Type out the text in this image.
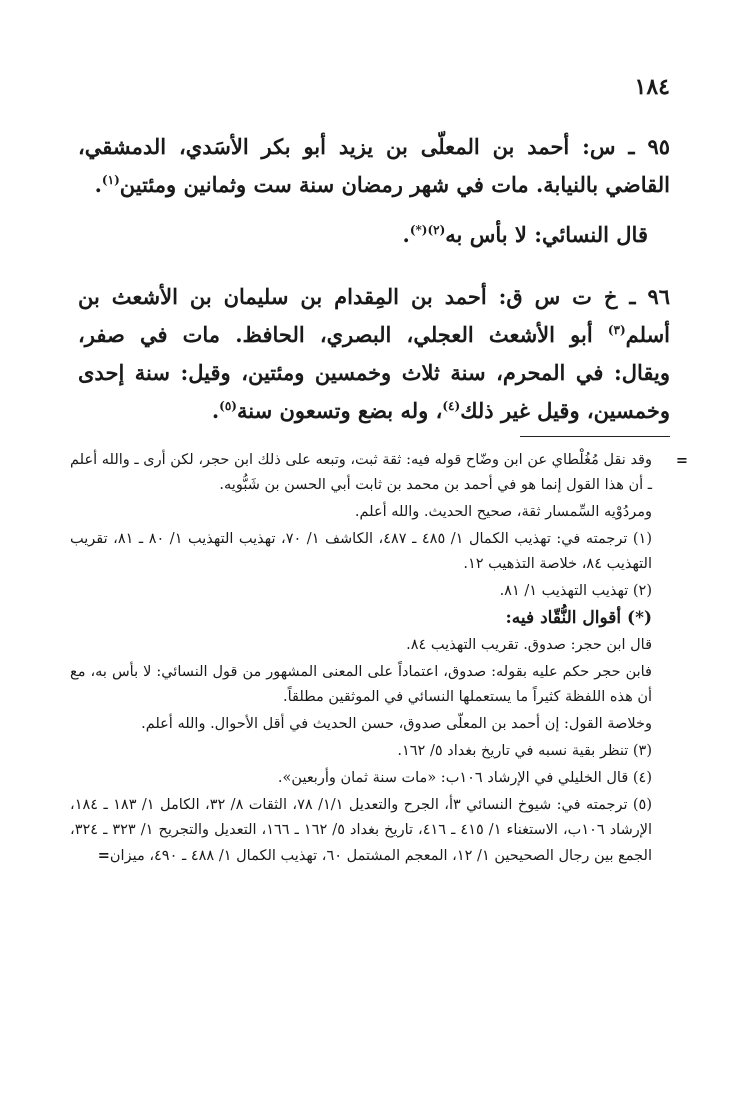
١٨٤

٩٥ ـ س: أحمد بن المعلّى بن يزيد أبو بكر الأسَدي، الدمشقي، القاضي بالنيابة. مات في شهر رمضان سنة ست وثمانين ومئتين$^{(١)}$.

قال النسائي: لا بأس به$^{(٢)(*)}$.

٩٦ ـ خ ت س ق: أحمد بن المِقدام بن سليمان بن الأشعث بن أسلم$^{(٣)}$ أبو الأشعث العجلي، البصري، الحافظ. مات في صفر، ويقال: في المحرم، سنة ثلاث وخمسين ومئتين، وقيل: سنة إحدى وخمسين، وقيل غير ذلك$^{(٤)}$، وله بضع وتسعون سنة$^{(٥)}$.

=
وقد نقل مُغُلْطاي عن ابن وضّاح قوله فيه: ثقة ثبت، وتبعه على ذلك ابن حجر، لكن أرى ـ والله أعلم ـ أن هذا القول إنما هو في أحمد بن محمد بن ثابت أبي الحسن بن شَبُّويه.

ومردُوْيه السِّمسار ثقة، صحيح الحديث. والله أعلم.

(١) ترجمته في: تهذيب الكمال ١/ ٤٨٥ ـ ٤٨٧، الكاشف ١/ ٧٠، تهذيب التهذيب ١/ ٨٠ ـ ٨١، تقريب التهذيب ٨٤، خلاصة التذهيب ١٢.

(٢) تهذيب التهذيب ١/ ٨١.

(*) أقوال النُّقّاد فيه:

قال ابن حجر: صدوق. تقريب التهذيب ٨٤.

فابن حجر حكم عليه بقوله: صدوق، اعتماداً على المعنى المشهور من قول النسائي: لا بأس به، مع أن هذه اللفظة كثيراً ما يستعملها النسائي في الموثقين مطلقاً.

وخلاصة القول: إن أحمد بن المعلّى صدوق، حسن الحديث في أقل الأحوال. والله أعلم.

(٣) تنظر بقية نسبه في تاريخ بغداد ٥/ ١٦٢.

(٤) قال الخليلي في الإرشاد ١٠٦ب: «مات سنة ثمان وأربعين».

(٥) ترجمته في: شيوخ النسائي ٣أ، الجرح والتعديل ١/١/ ٧٨، الثقات ٨/ ٣٢، الكامل ١/ ١٨٣ ـ ١٨٤، الإرشاد ١٠٦ب، الاستغناء ١/ ٤١٥ ـ ٤١٦، تاريخ بغداد ٥/ ١٦٢ ـ ١٦٦، التعديل والتجريح ١/ ٣٢٣ ـ ٣٢٤، الجمع بين رجال الصحيحين ١/ ١٢، المعجم المشتمل ٦٠، تهذيب الكمال ١/ ٤٨٨ ـ ٤٩٠، ميزان=
